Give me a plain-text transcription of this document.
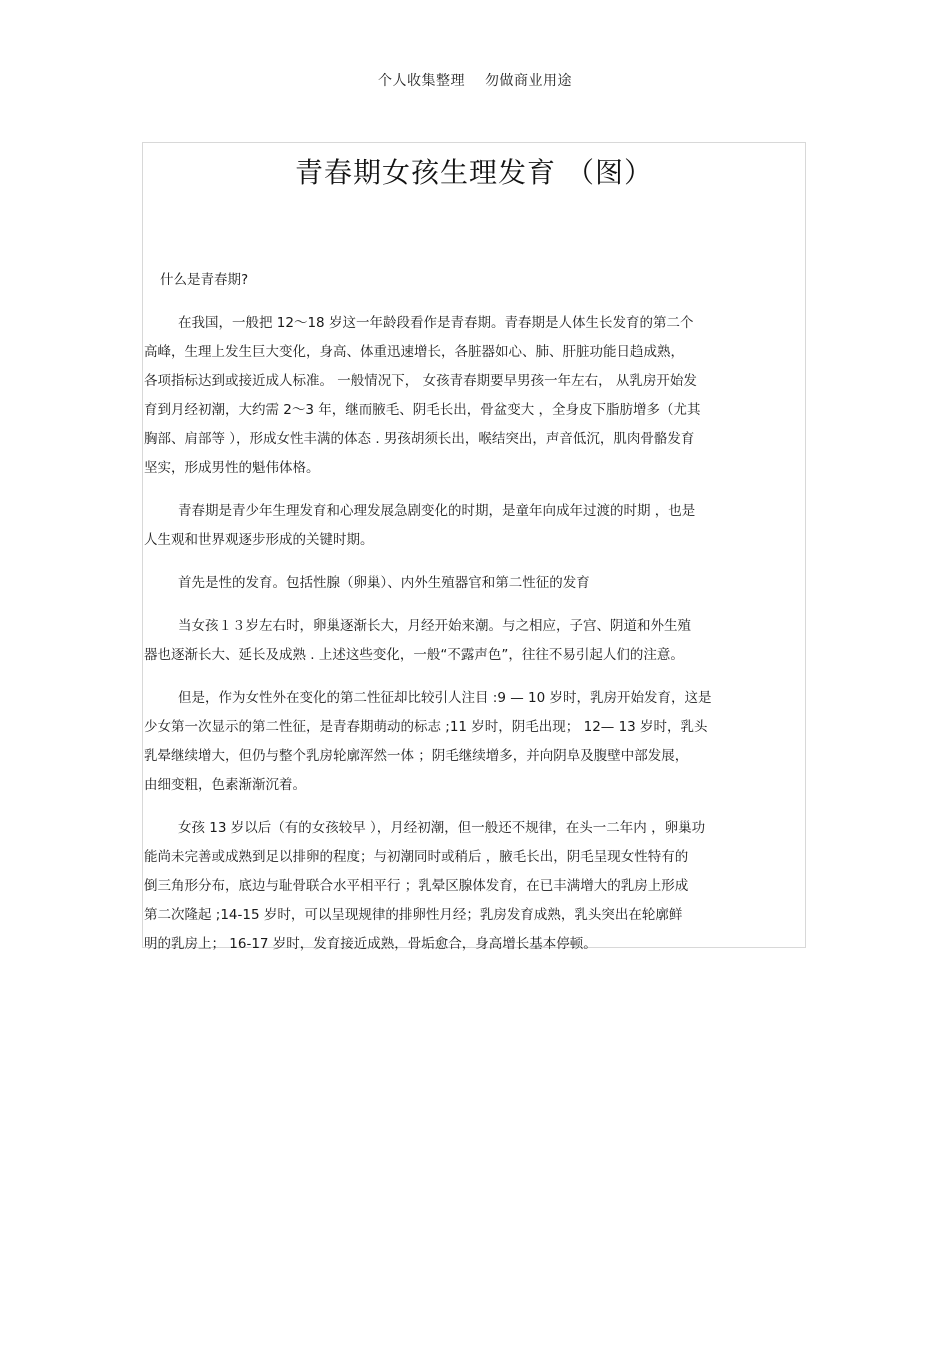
个人收集整理 勿做商业用途
青春期女孩生理发育 （图）

什么是青春期?

在我国，一般把 12～18 岁这一年龄段看作是青春期。青春期是人体生长发育的第二个
高峰，生理上发生巨大变化，身高、体重迅速增长，各脏器如心、肺、肝脏功能日趋成熟，
各项指标达到或接近成人标准。 一般情况下， 女孩青春期要早男孩一年左右， 从乳房开始发
育到月经初潮，大约需 2～3 年，继而腋毛、阴毛长出，骨盆变大 ，全身皮下脂肪增多（尤其
胸部、肩部等 ），形成女性丰满的体态 . 男孩胡须长出，喉结突出，声音低沉，肌肉骨骼发育
坚实，形成男性的魁伟体格。

青春期是青少年生理发育和心理发展急剧变化的时期，是童年向成年过渡的时期 ，也是
人生观和世界观逐步形成的关键时期。

首先是性的发育。包括性腺（卵巢）、内外生殖器官和第二性征的发育

当女孩１３岁左右时，卵巢逐渐长大，月经开始来潮。与之相应，子宫、阴道和外生殖
器也逐渐长大、延长及成熟 . 上述这些变化，一般“不露声色”，往往不易引起人们的注意。

但是，作为女性外在变化的第二性征却比较引人注目 :9 — 10 岁时，乳房开始发育，这是
少女第一次显示的第二性征，是青春期萌动的标志 ;11 岁时，阴毛出现； 12— 13 岁时，乳头
乳晕继续增大，但仍与整个乳房轮廓浑然一体 ；阴毛继续增多，并向阴阜及腹壁中部发展，
由细变粗，色素渐渐沉着。

女孩 13 岁以后（有的女孩较早 ），月经初潮，但一般还不规律，在头一二年内 ，卵巢功
能尚未完善或成熟到足以排卵的程度；与初潮同时或稍后 ，腋毛长出，阴毛呈现女性特有的
倒三角形分布，底边与耻骨联合水平相平行 ；乳晕区腺体发育，在已丰满增大的乳房上形成
第二次隆起 ;14-15 岁时，可以呈现规律的排卵性月经；乳房发育成熟，乳头突出在轮廓鲜
明的乳房上； 16-17 岁时，发育接近成熟，骨垢愈合，身高增长基本停顿。
